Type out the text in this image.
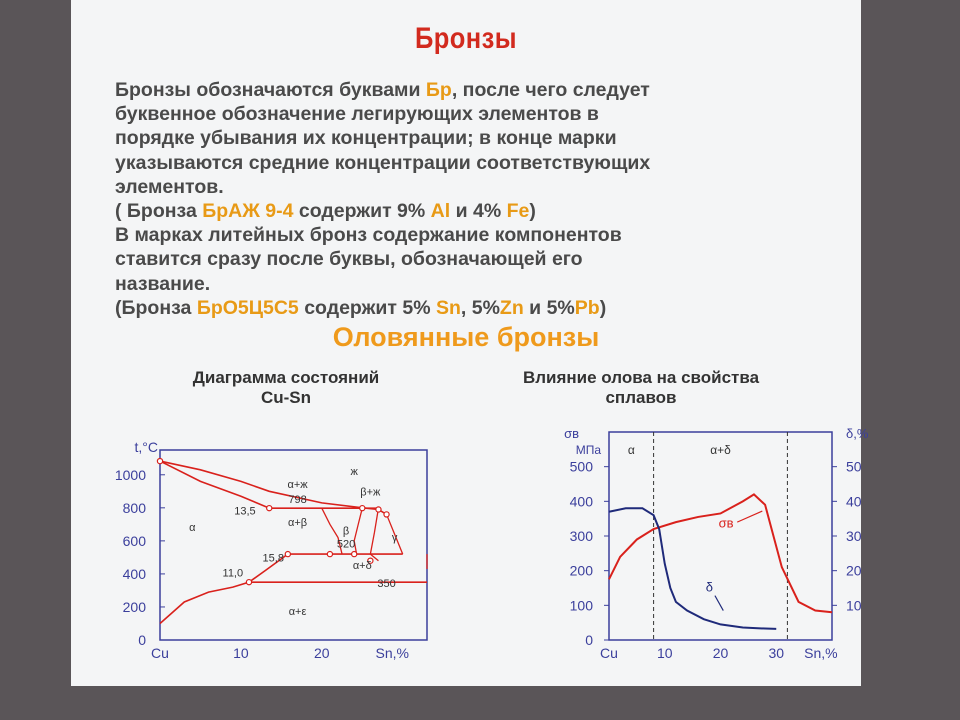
Бронзы
Бронзы обозначаются буквами Бр, после чего следует
буквенное обозначение легирующих элементов в
порядке убывания их концентрации; в конце марки
указываются средние концентрации соответствующих
элементов.
( Бронза БрАЖ 9-4 содержит 9% Al и 4% Fe)
В марках литейных бронз содержание компонентов
ставится сразу после буквы, обозначающей его
название.
(Бронза БрО5Ц5С5 содержит 5% Sn, 5%Zn и 5%Pb)
Оловянные бронзы
Диаграмма состояний
Cu-Sn
Влияние олова на свойства
сплавов
0
200
400
600
800
1000
t,°C
Cu	10	20	Sn,%
ж
α+ж
β+ж
α	α+β
β
γ
α+δ
α+ε
798
13,5
520
15,8
11,0
350
0
100
200
300
400
500
σв
МПа
10
20
30
40
50
δ,%
Cu	10	20	30 Sn,%
α	α+δ
σв
δ
